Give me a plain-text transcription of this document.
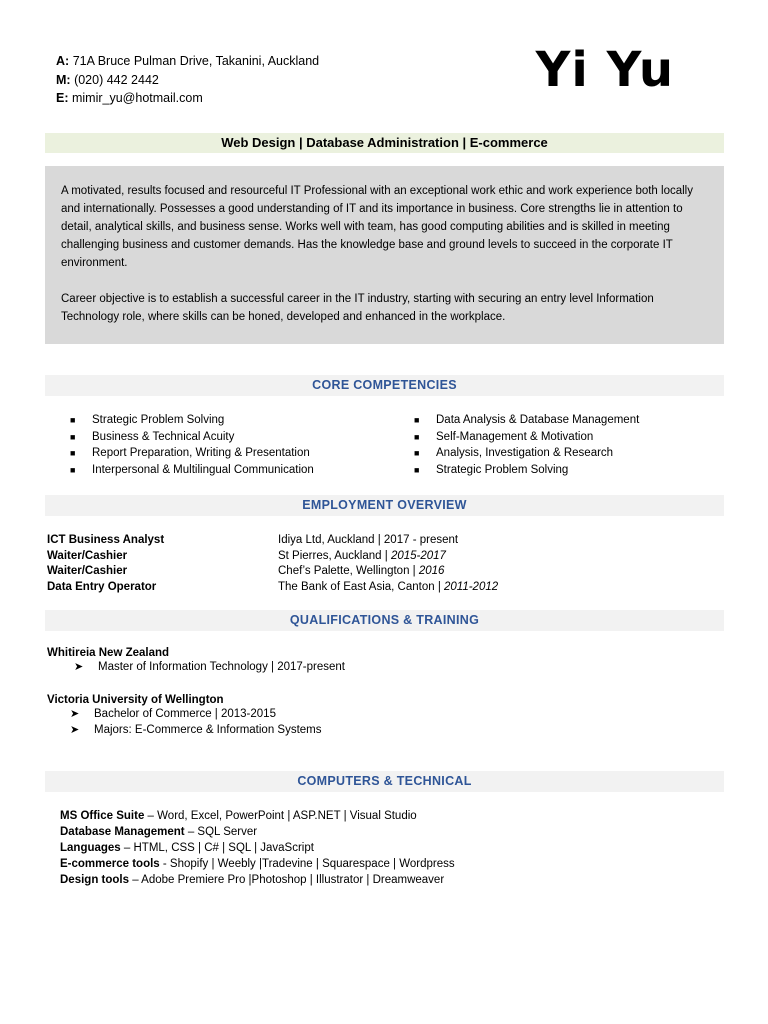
A: 71A Bruce Pulman Drive, Takanini, Auckland
M: (020) 442 2442
E: mimir_yu@hotmail.com	Yi Yu
Web Design | Database Administration | E-commerce

A motivated, results focused and resourceful IT Professional with an exceptional work ethic and work experience both locally and internationally. Possesses a good understanding of IT and its importance in business. Core strengths lie in attention to detail, analytical skills, and business sense. Works well with team, has good computing abilities and is skilled in meeting challenging business and customer demands. Has the knowledge base and ground levels to succeed in the corporate IT environment.

Career objective is to establish a successful career in the IT industry, starting with securing an entry level Information Technology role, where skills can be honed, developed and enhanced in the workplace.

CORE COMPETENCIES
■ Strategic Problem Solving
■ Business & Technical Acuity
■ Report Preparation, Writing & Presentation
■ Interpersonal & Multilingual Communication
■ Data Analysis & Database Management
■ Self-Management & Motivation
■ Analysis, Investigation & Research
■ Strategic Problem Solving
EMPLOYMENT OVERVIEW
ICT Business Analyst	Idiya Ltd, Auckland | 2017 - present
Waiter/Cashier	St Pierres, Auckland | 2015-2017
Waiter/Cashier	Chef’s Palette, Wellington | 2016
Data Entry Operator	The Bank of East Asia, Canton | 2011-2012
QUALIFICATIONS & TRAINING
Whitireia New Zealand
➤ Master of Information Technology | 2017-present
Victoria University of Wellington
➤ Bachelor of Commerce | 2013-2015
➤ Majors: E-Commerce & Information Systems
COMPUTERS & TECHNICAL
MS Office Suite – Word, Excel, PowerPoint | ASP.NET | Visual Studio
Database Management – SQL Server
Languages – HTML, CSS | C# | SQL | JavaScript
E-commerce tools - Shopify | Weebly |Tradevine | Squarespace | Wordpress
Design tools – Adobe Premiere Pro |Photoshop | Illustrator | Dreamweaver
